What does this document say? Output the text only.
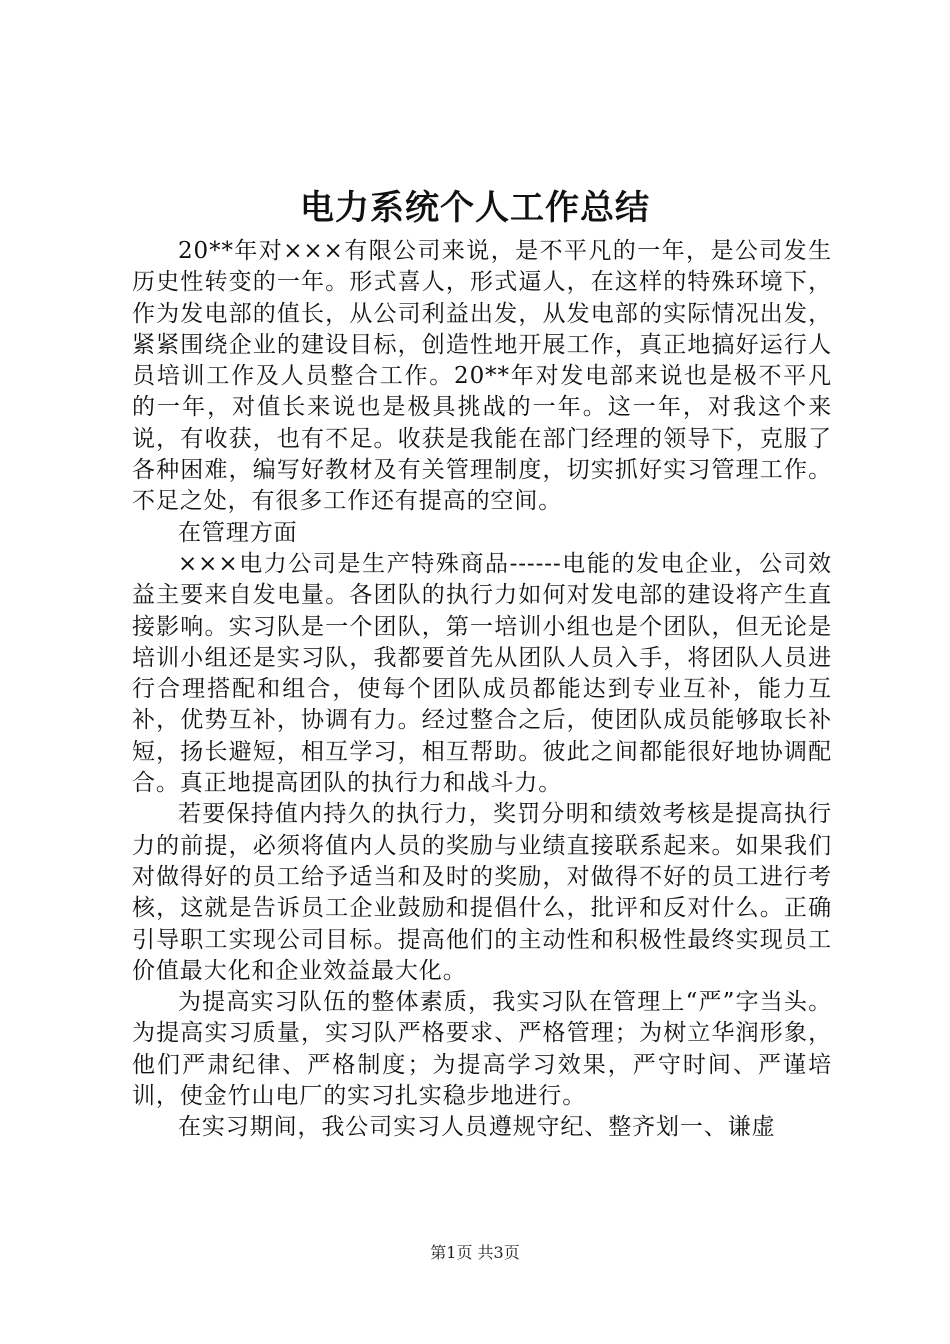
电力系统个人工作总结

20**年对×××有限公司来说，是不平凡的一年，是公司发生历史性转变的一年。形式喜人，形式逼人，在这样的特殊环境下，作为发电部的值长，从公司利益出发，从发电部的实际情况出发，紧紧围绕企业的建设目标，创造性地开展工作，真正地搞好运行人员培训工作及人员整合工作。20**年对发电部来说也是极不平凡的一年，对值长来说也是极具挑战的一年。这一年，对我这个来说，有收获，也有不足。收获是我能在部门经理的领导下，克服了各种困难，编写好教材及有关管理制度，切实抓好实习管理工作。不足之处，有很多工作还有提高的空间。

在管理方面

×××电力公司是生产特殊商品------电能的发电企业，公司效益主要来自发电量。各团队的执行力如何对发电部的建设将产生直接影响。实习队是一个团队，第一培训小组也是个团队，但无论是培训小组还是实习队，我都要首先从团队人员入手，将团队人员进行合理搭配和组合，使每个团队成员都能达到专业互补，能力互补，优势互补，协调有力。经过整合之后，使团队成员能够取长补短，扬长避短，相互学习，相互帮助。彼此之间都能很好地协调配合。真正地提高团队的执行力和战斗力。

若要保持值内持久的执行力，奖罚分明和绩效考核是提高执行力的前提，必须将值内人员的奖励与业绩直接联系起来。如果我们对做得好的员工给予适当和及时的奖励，对做得不好的员工进行考核，这就是告诉员工企业鼓励和提倡什么，批评和反对什么。正确引导职工实现公司目标。提高他们的主动性和积极性最终实现员工价值最大化和企业效益最大化。

为提高实习队伍的整体素质，我实习队在管理上“严”字当头。为提高实习质量，实习队严格要求、严格管理；为树立华润形象，他们严肃纪律、严格制度；为提高学习效果，严守时间、严谨培训，使金竹山电厂的实习扎实稳步地进行。

在实习期间，我公司实习人员遵规守纪、整齐划一、谦虚

第1页 共3页
